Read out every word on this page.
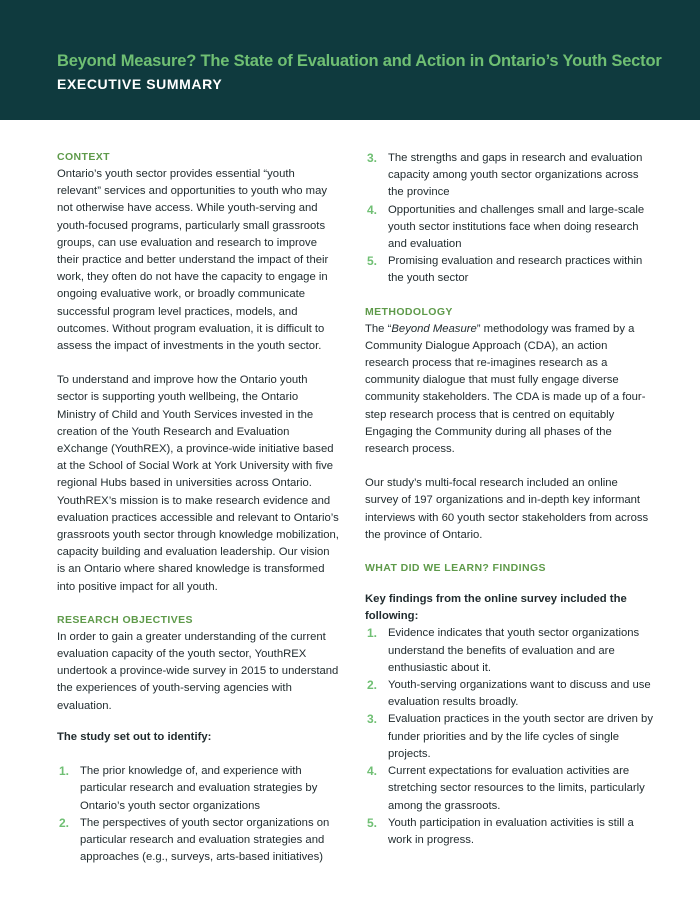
Beyond Measure? The State of Evaluation and Action in Ontario’s Youth Sector
EXECUTIVE SUMMARY
CONTEXT

Ontario’s youth sector provides essential “youth relevant” services and opportunities to youth who may not otherwise have access. While youth-serving and youth-focused programs, particularly small grassroots groups, can use evaluation and research to improve their practice and better understand the impact of their work, they often do not have the capacity to engage in ongoing evaluative work, or broadly communicate successful program level practices, models, and outcomes. Without program evaluation, it is difficult to assess the impact of investments in the youth sector.

To understand and improve how the Ontario youth sector is supporting youth wellbeing, the Ontario Ministry of Child and Youth Services invested in the creation of the Youth Research and Evaluation eXchange (YouthREX), a province-wide initiative based at the School of Social Work at York University with five regional Hubs based in universities across Ontario. YouthREX’s mission is to make research evidence and evaluation practices accessible and relevant to Ontario’s grassroots youth sector through knowledge mobilization, capacity building and evaluation leadership. Our vision is an Ontario where shared knowledge is transformed into positive impact for all youth.

RESEARCH OBJECTIVES

In order to gain a greater understanding of the current evaluation capacity of the youth sector, YouthREX undertook a province-wide survey in 2015 to understand the experiences of youth-serving agencies with evaluation.

The study set out to identify:

1. The prior knowledge of, and experience with particular research and evaluation strategies by Ontario’s youth sector organizations
2. The perspectives of youth sector organizations on particular research and evaluation strategies and approaches (e.g., surveys, arts-based initiatives)
3. The strengths and gaps in research and evaluation capacity among youth sector organizations across the province
4. Opportunities and challenges small and large-scale youth sector institutions face when doing research and evaluation
5. Promising evaluation and research practices within the youth sector
METHODOLOGY

The “Beyond Measure” methodology was framed by a Community Dialogue Approach (CDA), an action research process that re-imagines research as a community dialogue that must fully engage diverse community stakeholders. The CDA is made up of a four-step research process that is centred on equitably Engaging the Community during all phases of the research process.

Our study’s multi-focal research included an online survey of 197 organizations and in-depth key informant interviews with 60 youth sector stakeholders from across the province of Ontario.

WHAT DID WE LEARN? FINDINGS

Key findings from the online survey included the following:

1. Evidence indicates that youth sector organizations understand the benefits of evaluation and are enthusiastic about it.
2. Youth-serving organizations want to discuss and use evaluation results broadly.
3. Evaluation practices in the youth sector are driven by funder priorities and by the life cycles of single projects.
4. Current expectations for evaluation activities are stretching sector resources to the limits, particularly among the grassroots.
5. Youth participation in evaluation activities is still a work in progress.
